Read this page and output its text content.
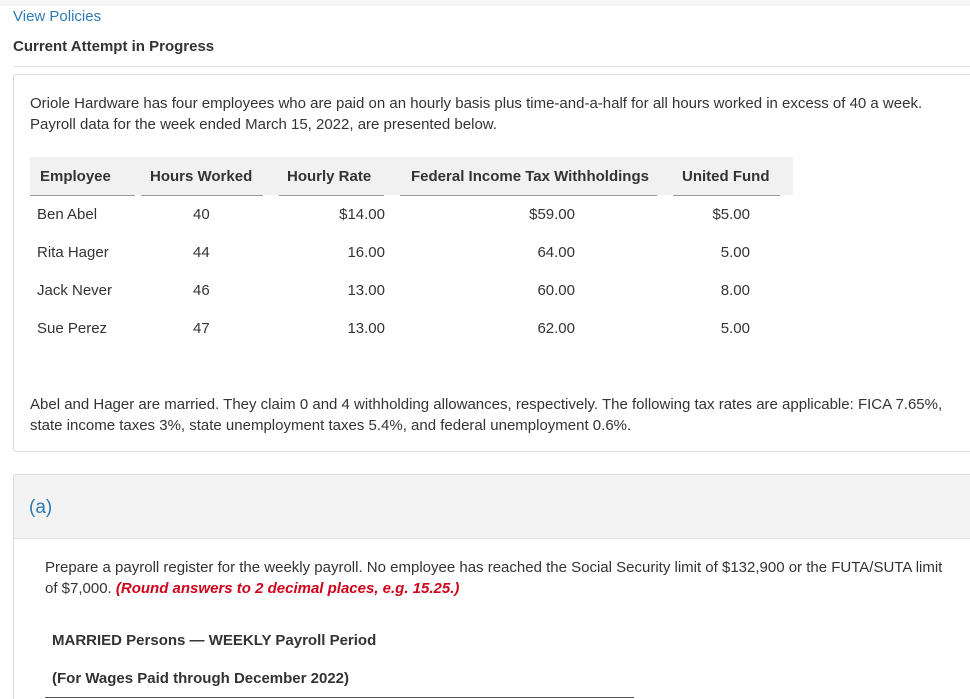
View Policies
Current Attempt in Progress

Oriole Hardware has four employees who are paid on an hourly basis plus time-and-a-half for all hours worked in excess of 40 a week. Payroll data for the week ended March 15, 2022, are presented below.

Employee	Hours Worked	Hourly Rate	Federal Income Tax Withholdings	United Fund
Ben Abel	40	$14.00	$59.00	$5.00
Rita Hager	44	16.00	64.00	5.00
Jack Never	46	13.00	60.00	8.00
Sue Perez	47	13.00	62.00	5.00

Abel and Hager are married. They claim 0 and 4 withholding allowances, respectively. The following tax rates are applicable: FICA 7.65%, state income taxes 3%, state unemployment taxes 5.4%, and federal unemployment 0.6%.

(a)

Prepare a payroll register for the weekly payroll. No employee has reached the Social Security limit of $132,900 or the FUTA/SUTA limit of $7,000. (Round answers to 2 decimal places, e.g. 15.25.)

MARRIED Persons — WEEKLY Payroll Period
(For Wages Paid through December 2022)
